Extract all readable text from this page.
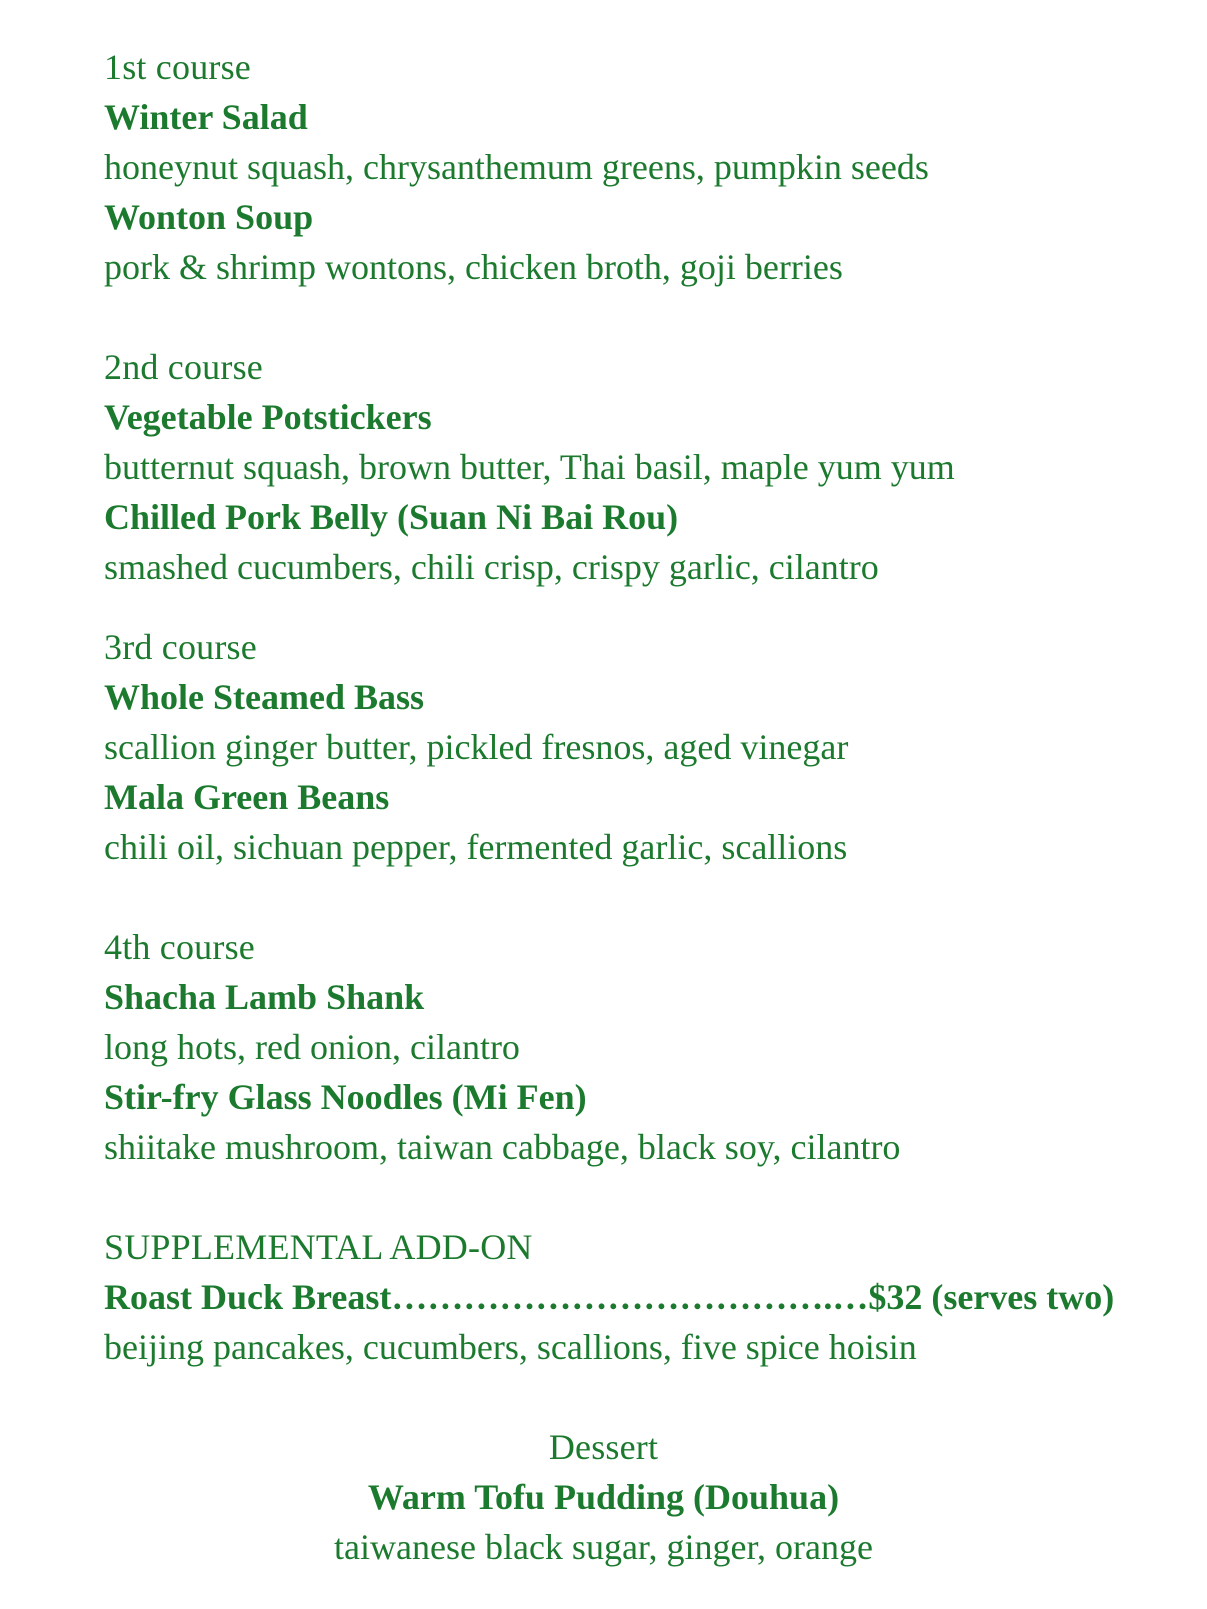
1st course
Winter Salad
honeynut squash, chrysanthemum greens, pumpkin seeds
Wonton Soup
pork & shrimp wontons, chicken broth, goji berries
2nd course
Vegetable Potstickers
butternut squash, brown butter, Thai basil, maple yum yum
Chilled Pork Belly (Suan Ni Bai Rou)
smashed cucumbers, chili crisp, crispy garlic, cilantro
3rd course
Whole Steamed Bass
scallion ginger butter, pickled fresnos, aged vinegar
Mala Green Beans
chili oil, sichuan pepper, fermented garlic, scallions
4th course
Shacha Lamb Shank
long hots, red onion, cilantro
Stir-fry Glass Noodles (Mi Fen)
shiitake mushroom, taiwan cabbage, black soy, cilantro
SUPPLEMENTAL ADD-ON
Roast Duck Breast……………………………….…$32 (serves two)
beijing pancakes, cucumbers, scallions, five spice hoisin
Dessert
Warm Tofu Pudding (Douhua)
taiwanese black sugar, ginger, orange
